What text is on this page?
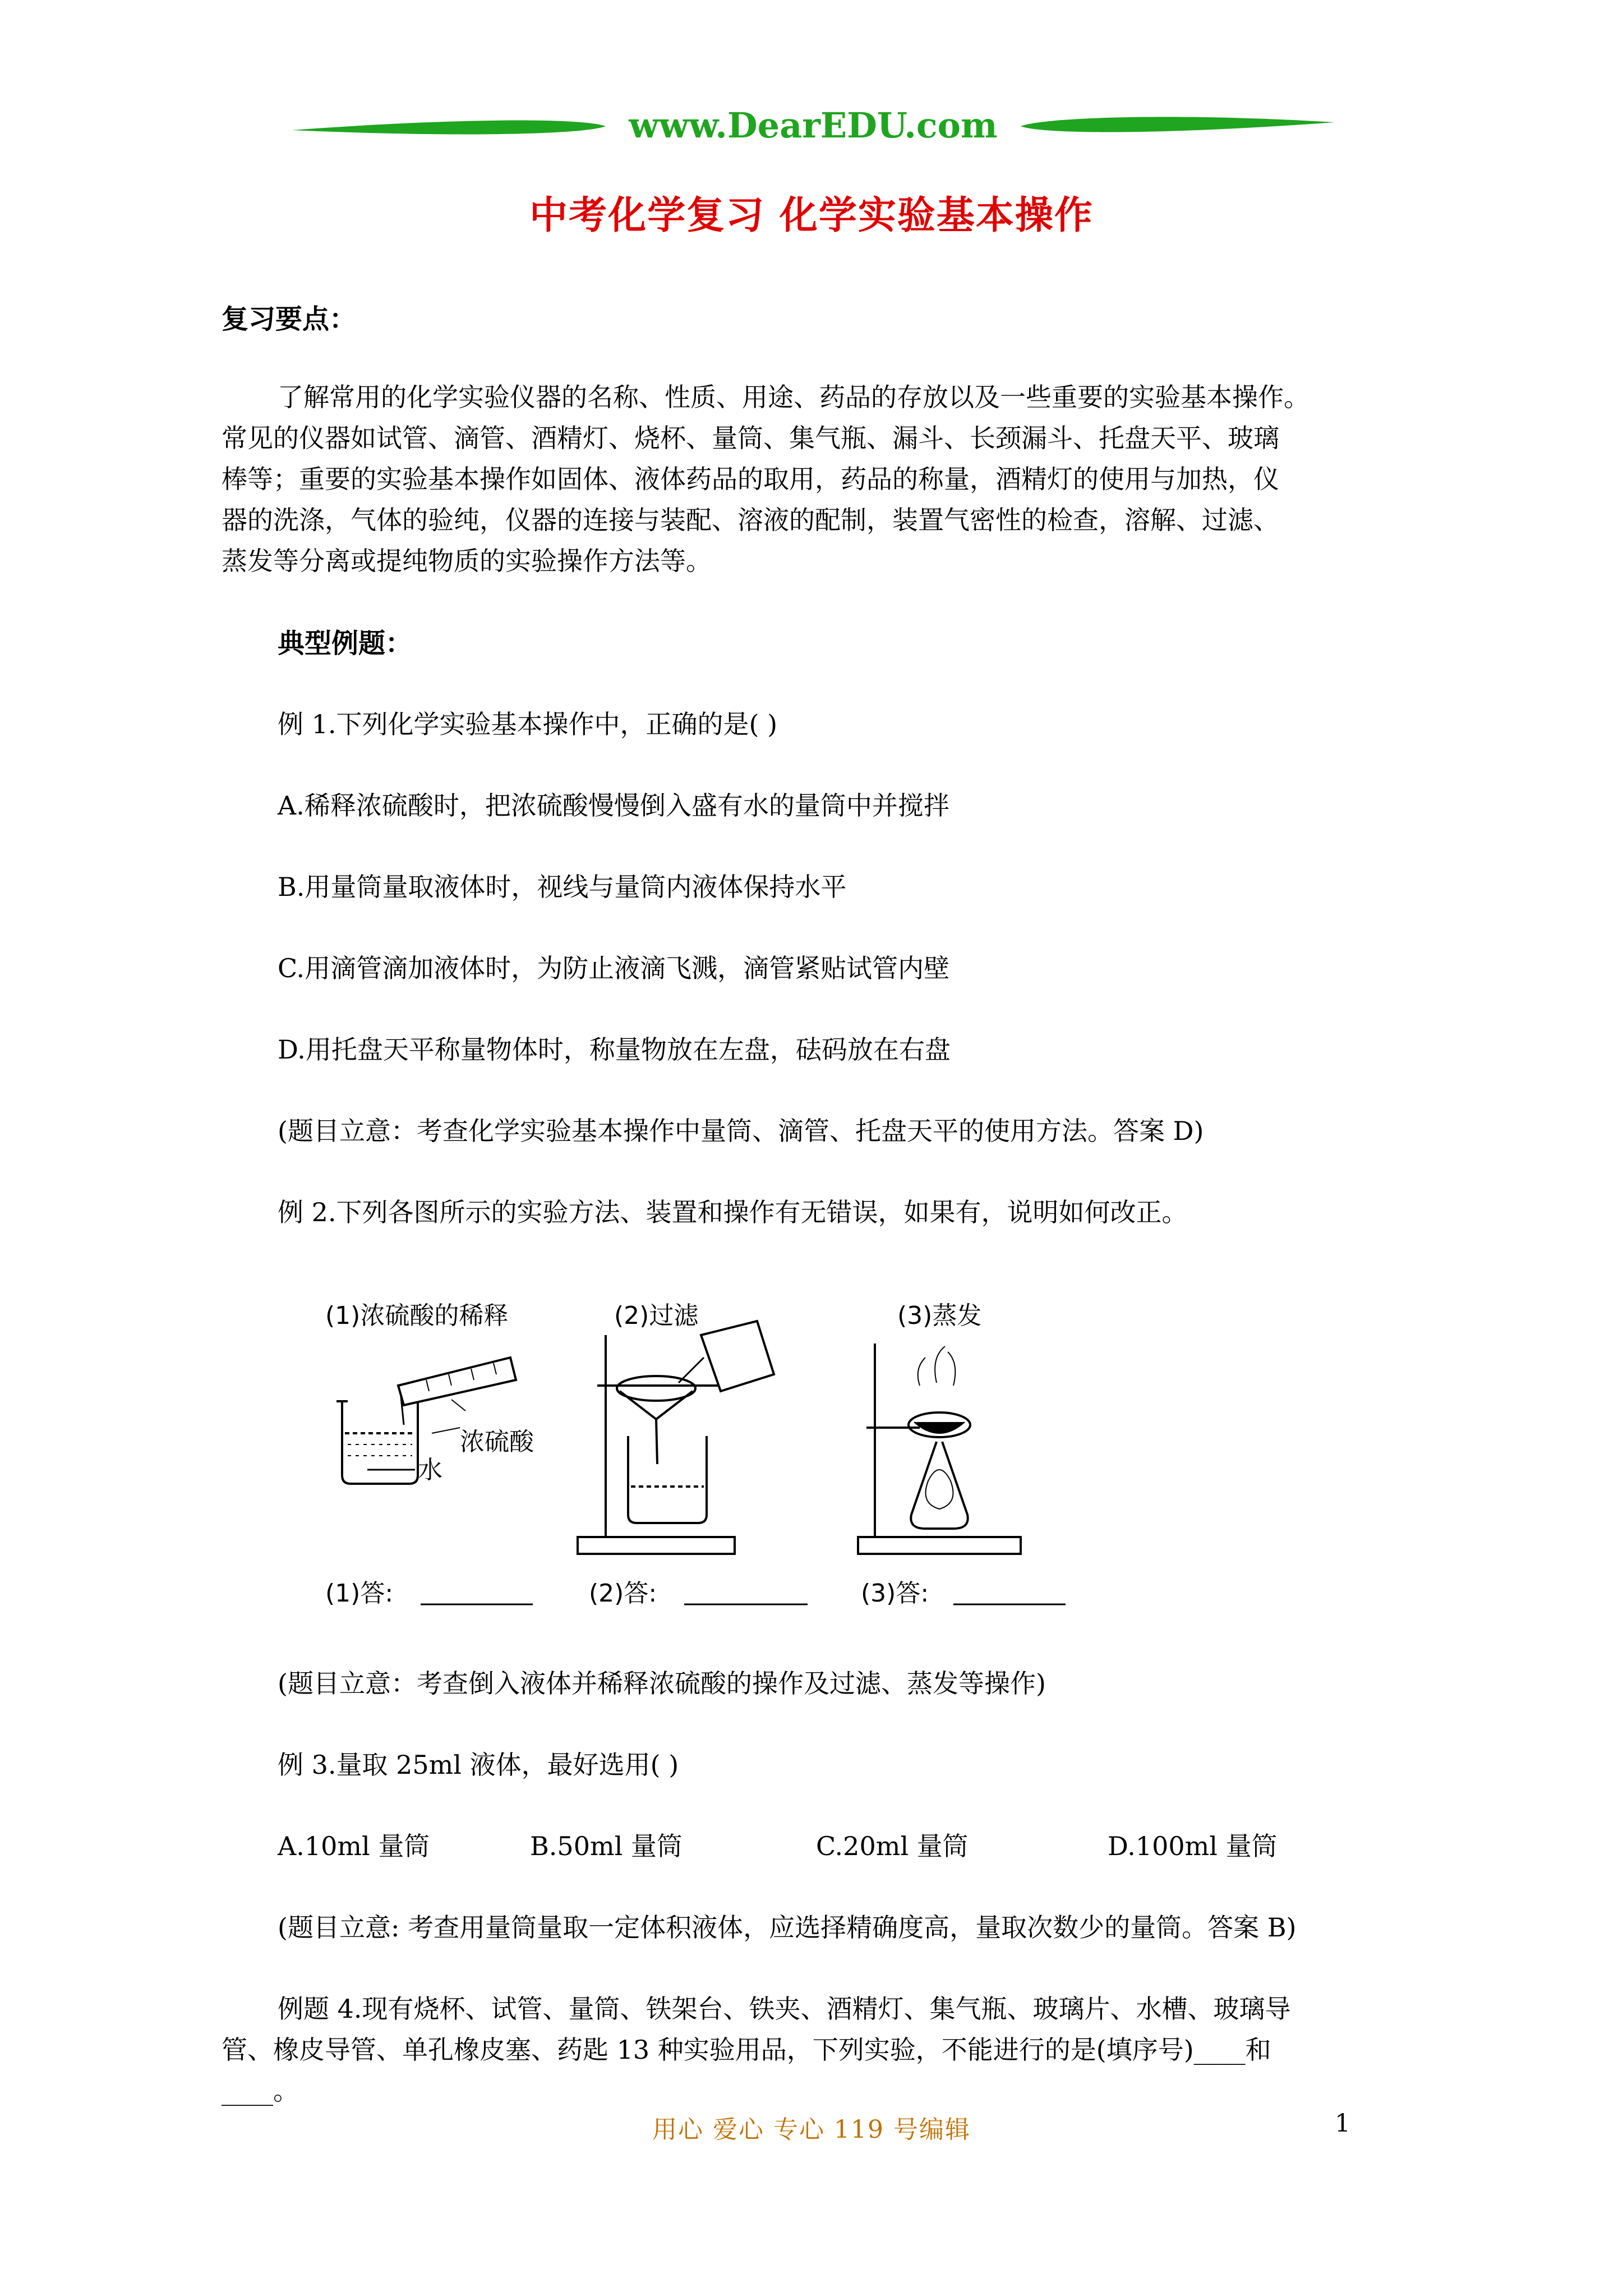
www.DearEDU.com
中考化学复习 化学实验基本操作
复习要点：
了解常用的化学实验仪器的名称、性质、用途、药品的存放以及一些重要的实验基本操作。
常见的仪器如试管、滴管、酒精灯、烧杯、量筒、集气瓶、漏斗、长颈漏斗、托盘天平、玻璃
棒等；重要的实验基本操作如固体、液体药品的取用，药品的称量，酒精灯的使用与加热，仪
器的洗涤，气体的验纯，仪器的连接与装配、溶液的配制，装置气密性的检查，溶解、过滤、
蒸发等分离或提纯物质的实验操作方法等。
典型例题：
例 1.下列化学实验基本操作中，正确的是( )
A.稀释浓硫酸时，把浓硫酸慢慢倒入盛有水的量筒中并搅拌
B.用量筒量取液体时，视线与量筒内液体保持水平
C.用滴管滴加液体时，为防止液滴飞溅，滴管紧贴试管内壁
D.用托盘天平称量物体时，称量物放在左盘，砝码放在右盘
(题目立意：考查化学实验基本操作中量筒、滴管、托盘天平的使用方法。答案 D)
例 2.下列各图所示的实验方法、装置和操作有无错误，如果有，说明如何改正。
(1)浓硫酸的稀释	(2)过滤	(3)蒸发
浓硫酸
水
(1)答:	(2)答:	(3)答:
(题目立意：考查倒入液体并稀释浓硫酸的操作及过滤、蒸发等操作)
例 3.量取 25ml 液体，最好选用( )
A.10ml 量筒	B.50ml 量筒	C.20ml 量筒	D.100ml 量筒
(题目立意: 考查用量筒量取一定体积液体，应选择精确度高，量取次数少的量筒。答案 B)
例题 4.现有烧杯、试管、量筒、铁架台、铁夹、酒精灯、集气瓶、玻璃片、水槽、玻璃导
管、橡皮导管、单孔橡皮塞、药匙 13 种实验用品，下列实验，不能进行的是(填序号)____和
____。
用心 爱心 专心 119 号编辑	1
